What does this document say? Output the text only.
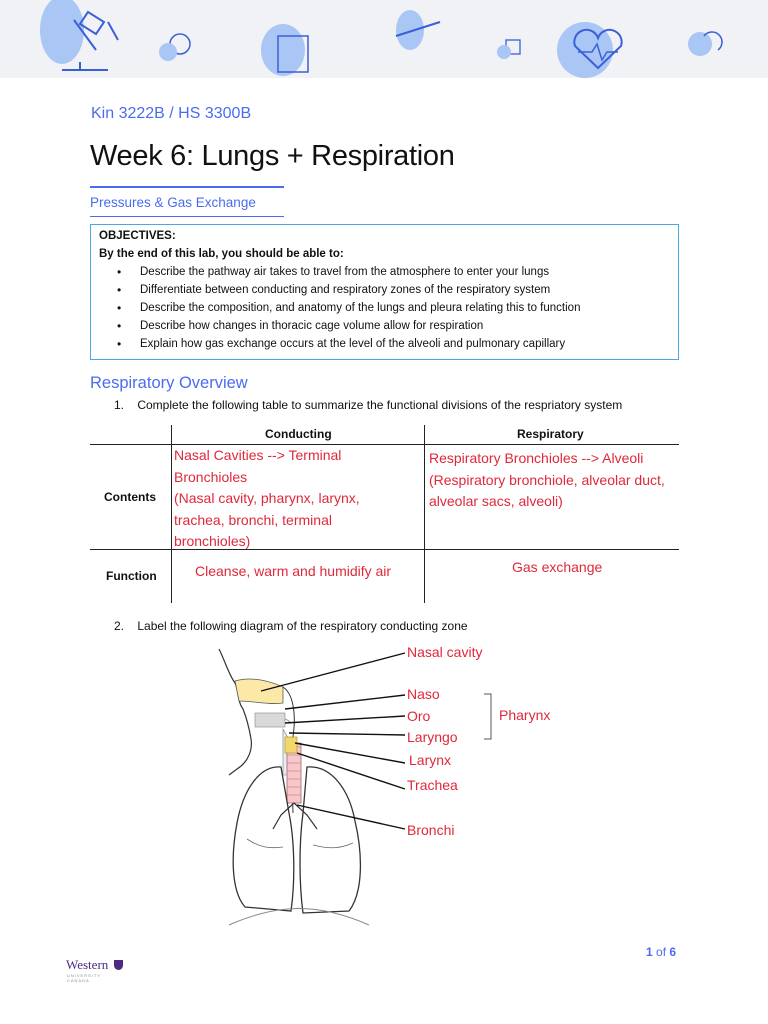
Kin 3222B / HS 3300B
Week 6: Lungs + Respiration
Pressures & Gas Exchange
OBJECTIVES:
By the end of this lab, you should be able to:
• Describe the pathway air takes to travel from the atmosphere to enter your lungs
• Differentiate between conducting and respiratory zones of the respiratory system
• Describe the composition, and anatomy of the lungs and pleura relating this to function
• Describe how changes in thoracic cage volume allow for respiration
• Explain how gas exchange occurs at the level of the alveoli and pulmonary capillary
Respiratory Overview
1.    Complete the following table to summarize the functional divisions of the respriatory system
Conducting	Respiratory
Contents
Function
Nasal Cavities --> Terminal
Bronchioles
(Nasal cavity, pharynx, larynx,
trachea, bronchi, terminal
bronchioles)
Respiratory Bronchioles --> Alveoli
(Respiratory bronchiole, alveolar duct,
alveolar sacs, alveoli)
Cleanse, warm and humidify air	Gas exchange
2.    Label the following diagram of the respiratory conducting zone
Nasal cavity
Naso
Oro
Laryngo
Pharynx
Larynx
Trachea
Bronchi
Western
UNIVERSITY CANADA
1 of 6
